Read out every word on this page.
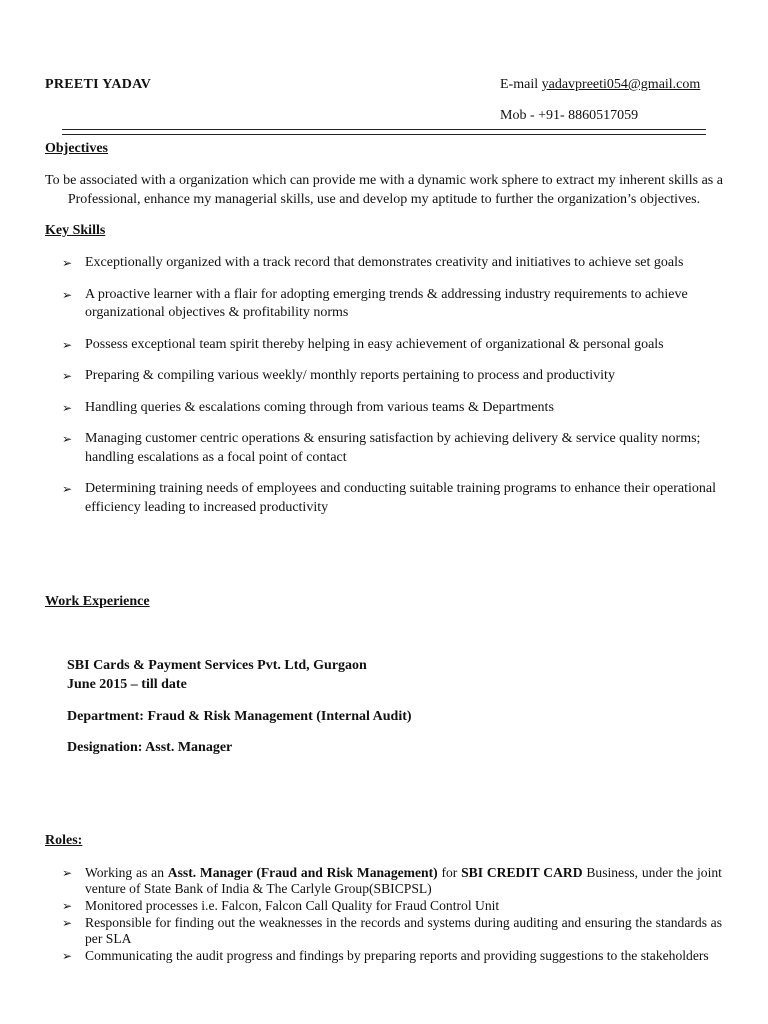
PREETI YADAV	E-mail yadavpreeti054@gmail.com
Mob - +91- 8860517059
Objectives
To be associated with a organization which can provide me with a dynamic work sphere to extract my inherent skills as a
Professional, enhance my managerial skills, use and develop my aptitude to further the organization’s objectives.
Key Skills
➢ Exceptionally organized with a track record that demonstrates creativity and initiatives to achieve set goals
➢ A proactive learner with a flair for adopting emerging trends & addressing industry requirements to achieve organizational objectives & profitability norms
➢ Possess exceptional team spirit thereby helping in easy achievement of organizational & personal goals
➢ Preparing & compiling various weekly/ monthly reports pertaining to process and productivity
➢ Handling queries & escalations coming through from various teams & Departments
➢ Managing customer centric operations & ensuring satisfaction by achieving delivery & service quality norms; handling escalations as a focal point of contact
➢ Determining training needs of employees and conducting suitable training programs to enhance their operational efficiency leading to increased productivity
Work Experience
SBI Cards & Payment Services Pvt. Ltd, Gurgaon
June 2015 – till date
Department: Fraud & Risk Management (Internal Audit)
Designation: Asst. Manager
Roles:
➢ Working as an Asst. Manager (Fraud and Risk Management) for SBI CREDIT CARD Business, under the joint venture of State Bank of India & The Carlyle Group(SBICPSL)
➢ Monitored processes i.e. Falcon, Falcon Call Quality for Fraud Control Unit
➢ Responsible for finding out the weaknesses in the records and systems during auditing and ensuring the standards as per SLA
➢ Communicating the audit progress and findings by preparing reports and providing suggestions to the stakeholders
